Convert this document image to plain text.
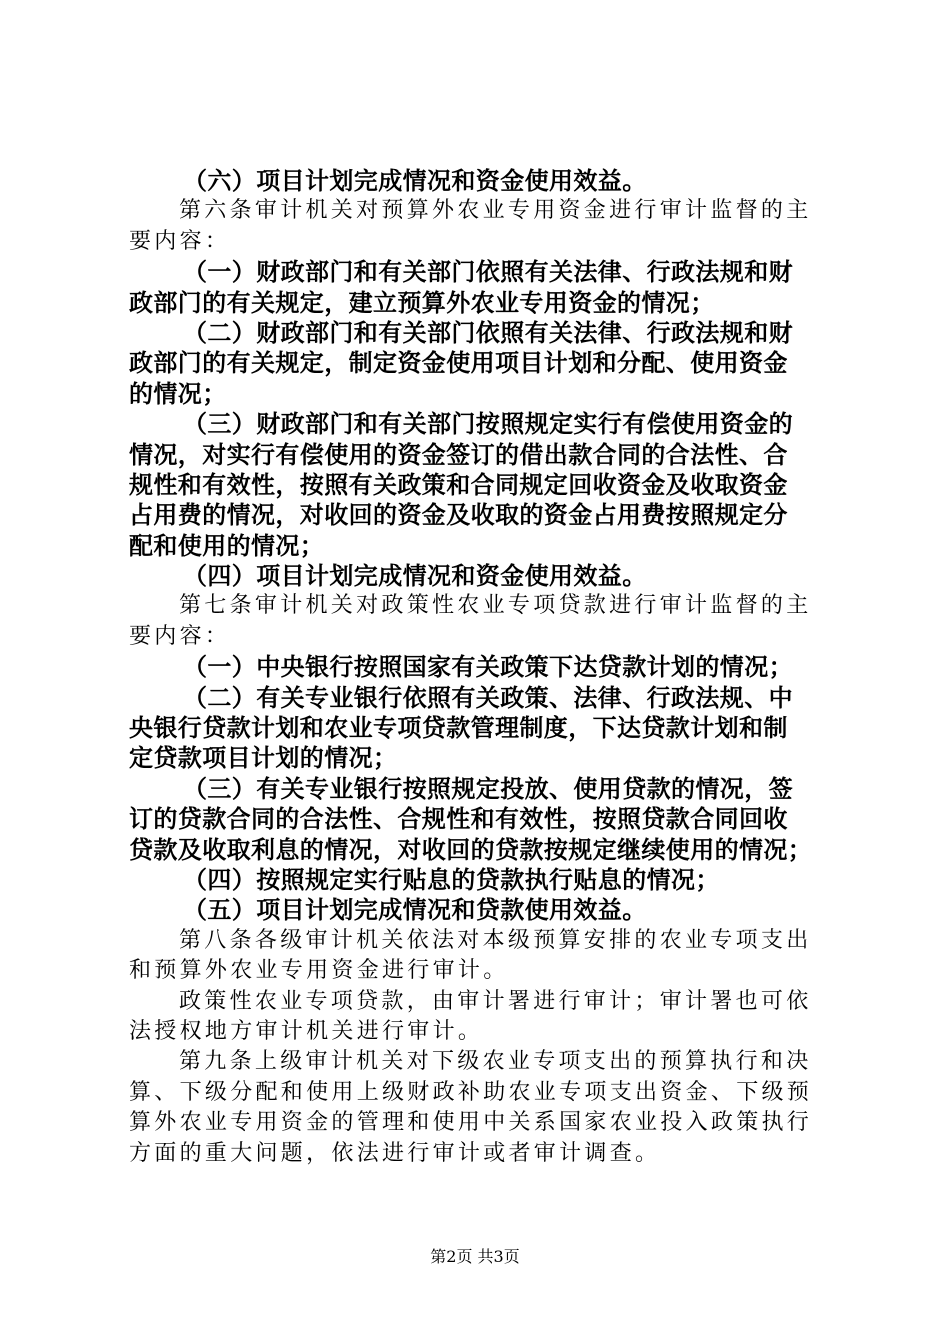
（六）项目计划完成情况和资金使用效益。
第六条审计机关对预算外农业专用资金进行审计监督的主
要内容：
（一）财政部门和有关部门依照有关法律、行政法规和财
政部门的有关规定，建立预算外农业专用资金的情况；
（二）财政部门和有关部门依照有关法律、行政法规和财
政部门的有关规定，制定资金使用项目计划和分配、使用资金
的情况；
（三）财政部门和有关部门按照规定实行有偿使用资金的
情况，对实行有偿使用的资金签订的借出款合同的合法性、合
规性和有效性，按照有关政策和合同规定回收资金及收取资金
占用费的情况，对收回的资金及收取的资金占用费按照规定分
配和使用的情况；
（四）项目计划完成情况和资金使用效益。
第七条审计机关对政策性农业专项贷款进行审计监督的主
要内容：
（一）中央银行按照国家有关政策下达贷款计划的情况；
（二）有关专业银行依照有关政策、法律、行政法规、中
央银行贷款计划和农业专项贷款管理制度，下达贷款计划和制
定贷款项目计划的情况；
（三）有关专业银行按照规定投放、使用贷款的情况，签
订的贷款合同的合法性、合规性和有效性，按照贷款合同回收
贷款及收取利息的情况，对收回的贷款按规定继续使用的情况；
（四）按照规定实行贴息的贷款执行贴息的情况；
（五）项目计划完成情况和贷款使用效益。
第八条各级审计机关依法对本级预算安排的农业专项支出
和预算外农业专用资金进行审计。
政策性农业专项贷款，由审计署进行审计；审计署也可依
法授权地方审计机关进行审计。
第九条上级审计机关对下级农业专项支出的预算执行和决
算、下级分配和使用上级财政补助农业专项支出资金、下级预
算外农业专用资金的管理和使用中关系国家农业投入政策执行
方面的重大问题，依法进行审计或者审计调查。
第2页 共3页
